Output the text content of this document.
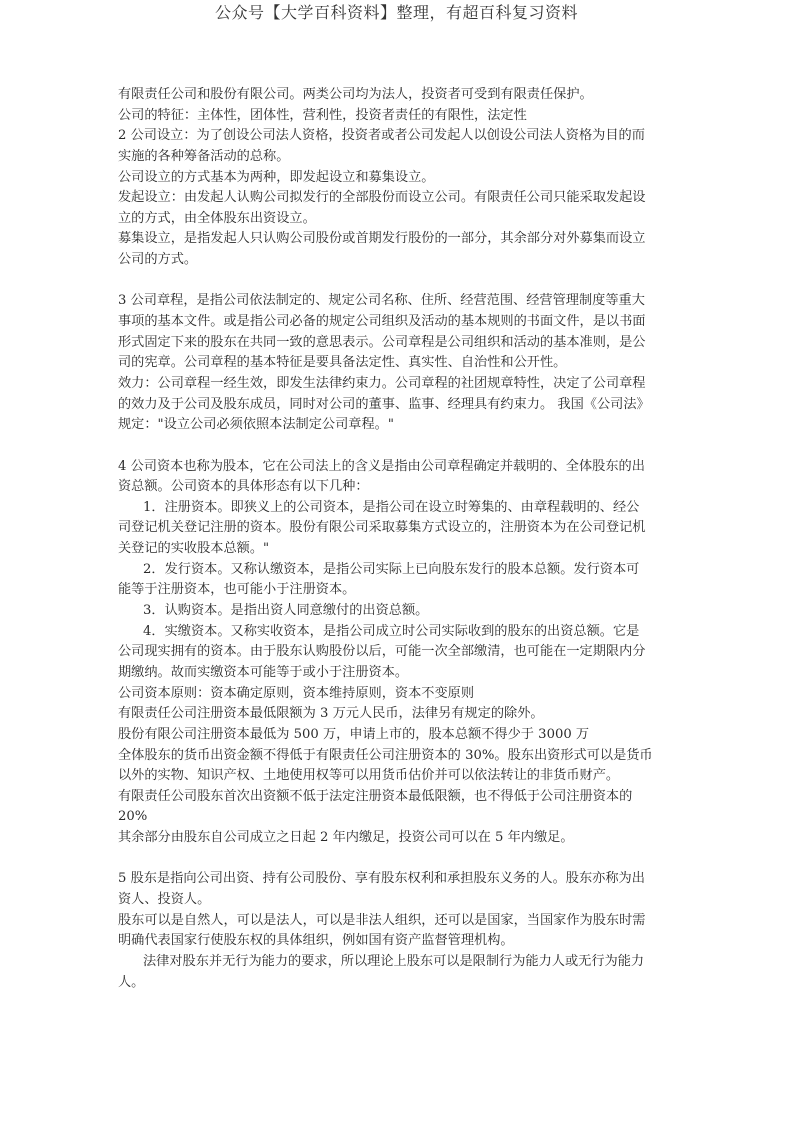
公众号【大学百科资料】整理，有超百科复习资料
有限责任公司和股份有限公司。两类公司均为法人，投资者可受到有限责任保护。
公司的特征：主体性，团体性，营利性，投资者责任的有限性，法定性
2 公司设立：为了创设公司法人资格，投资者或者公司发起人以创设公司法人资格为目的而
实施的各种筹备活动的总称。
公司设立的方式基本为两种，即发起设立和募集设立。
发起设立：由发起人认购公司拟发行的全部股份而设立公司。有限责任公司只能采取发起设
立的方式，由全体股东出资设立。
募集设立，是指发起人只认购公司股份或首期发行股份的一部分，其余部分对外募集而设立
公司的方式。
3 公司章程，是指公司依法制定的、规定公司名称、住所、经营范围、经营管理制度等重大
事项的基本文件。或是指公司必备的规定公司组织及活动的基本规则的书面文件，是以书面
形式固定下来的股东在共同一致的意思表示。公司章程是公司组织和活动的基本准则，是公
司的宪章。公司章程的基本特征是要具备法定性、真实性、自治性和公开性。
效力：公司章程一经生效，即发生法律约束力。公司章程的社团规章特性，决定了公司章程
的效力及于公司及股东成员，同时对公司的董事、监事、经理具有约束力。 我国《公司法》
规定："设立公司必须依照本法制定公司章程。"
4 公司资本也称为股本，它在公司法上的含义是指由公司章程确定并载明的、全体股东的出
资总额。公司资本的具体形态有以下几种：
1．注册资本。即狭义上的公司资本，是指公司在设立时筹集的、由章程载明的、经公
司登记机关登记注册的资本。股份有限公司采取募集方式设立的，注册资本为在公司登记机
关登记的实收股本总额。"
2．发行资本。又称认缴资本，是指公司实际上已向股东发行的股本总额。发行资本可
能等于注册资本，也可能小于注册资本。
3．认购资本。是指出资人同意缴付的出资总额。
4．实缴资本。又称实收资本，是指公司成立时公司实际收到的股东的出资总额。它是
公司现实拥有的资本。由于股东认购股份以后，可能一次全部缴清，也可能在一定期限内分
期缴纳。故而实缴资本可能等于或小于注册资本。
公司资本原则：资本确定原则，资本维持原则，资本不变原则
有限责任公司注册资本最低限额为 3 万元人民币，法律另有规定的除外。
股份有限公司注册资本最低为 500 万，申请上市的，股本总额不得少于 3000 万
全体股东的货币出资金额不得低于有限责任公司注册资本的 30%。股东出资形式可以是货币
以外的实物、知识产权、土地使用权等可以用货币估价并可以依法转让的非货币财产。
有限责任公司股东首次出资额不低于法定注册资本最低限额，也不得低于公司注册资本的
20%
其余部分由股东自公司成立之日起 2 年内缴足，投资公司可以在 5 年内缴足。
5 股东是指向公司出资、持有公司股份、享有股东权利和承担股东义务的人。股东亦称为出
资人、投资人。
股东可以是自然人，可以是法人，可以是非法人组织，还可以是国家，当国家作为股东时需
明确代表国家行使股东权的具体组织，例如国有资产监督管理机构。
法律对股东并无行为能力的要求，所以理论上股东可以是限制行为能力人或无行为能力
人。
